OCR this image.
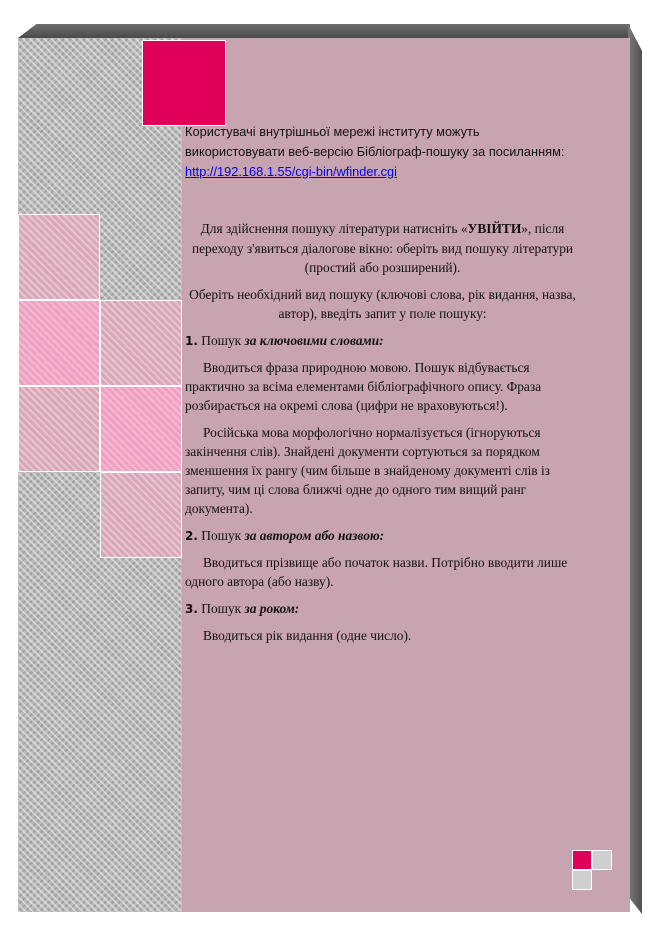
Користувачі внутрішньої мережі інституту можуть використовувати веб-версію Бібліограф-пошуку за посиланням: http://192.168.1.55/cgi-bin/wfinder.cgi

Для здійснення пошуку літератури натисніть «УВІЙТИ», після переходу з'явиться діалогове вікно: оберіть вид пошуку літератури (простий або розширений).

Оберіть необхідний вид пошуку (ключові слова, рік видання, назва, автор), введіть запит у поле пошуку:

1. Пошук за ключовими словами:

Вводиться фраза природною мовою. Пошук відбувається практично за всіма елементами бібліографічного опису. Фраза розбирається на окремі слова (цифри не враховуються!).

Російська мова морфологічно нормалізується (ігноруються закінчення слів). Знайдені документи сортуються за порядком зменшення їх рангу (чим більше в знайденому документі слів із запиту, чим ці слова ближчі одне до одного тим вищий ранг документа).

2. Пошук за автором або назвою:

Вводиться прізвище або початок назви. Потрібно вводити лише      одного автора (або назву).

3. Пошук за роком:

Вводиться рік видання (одне число).
